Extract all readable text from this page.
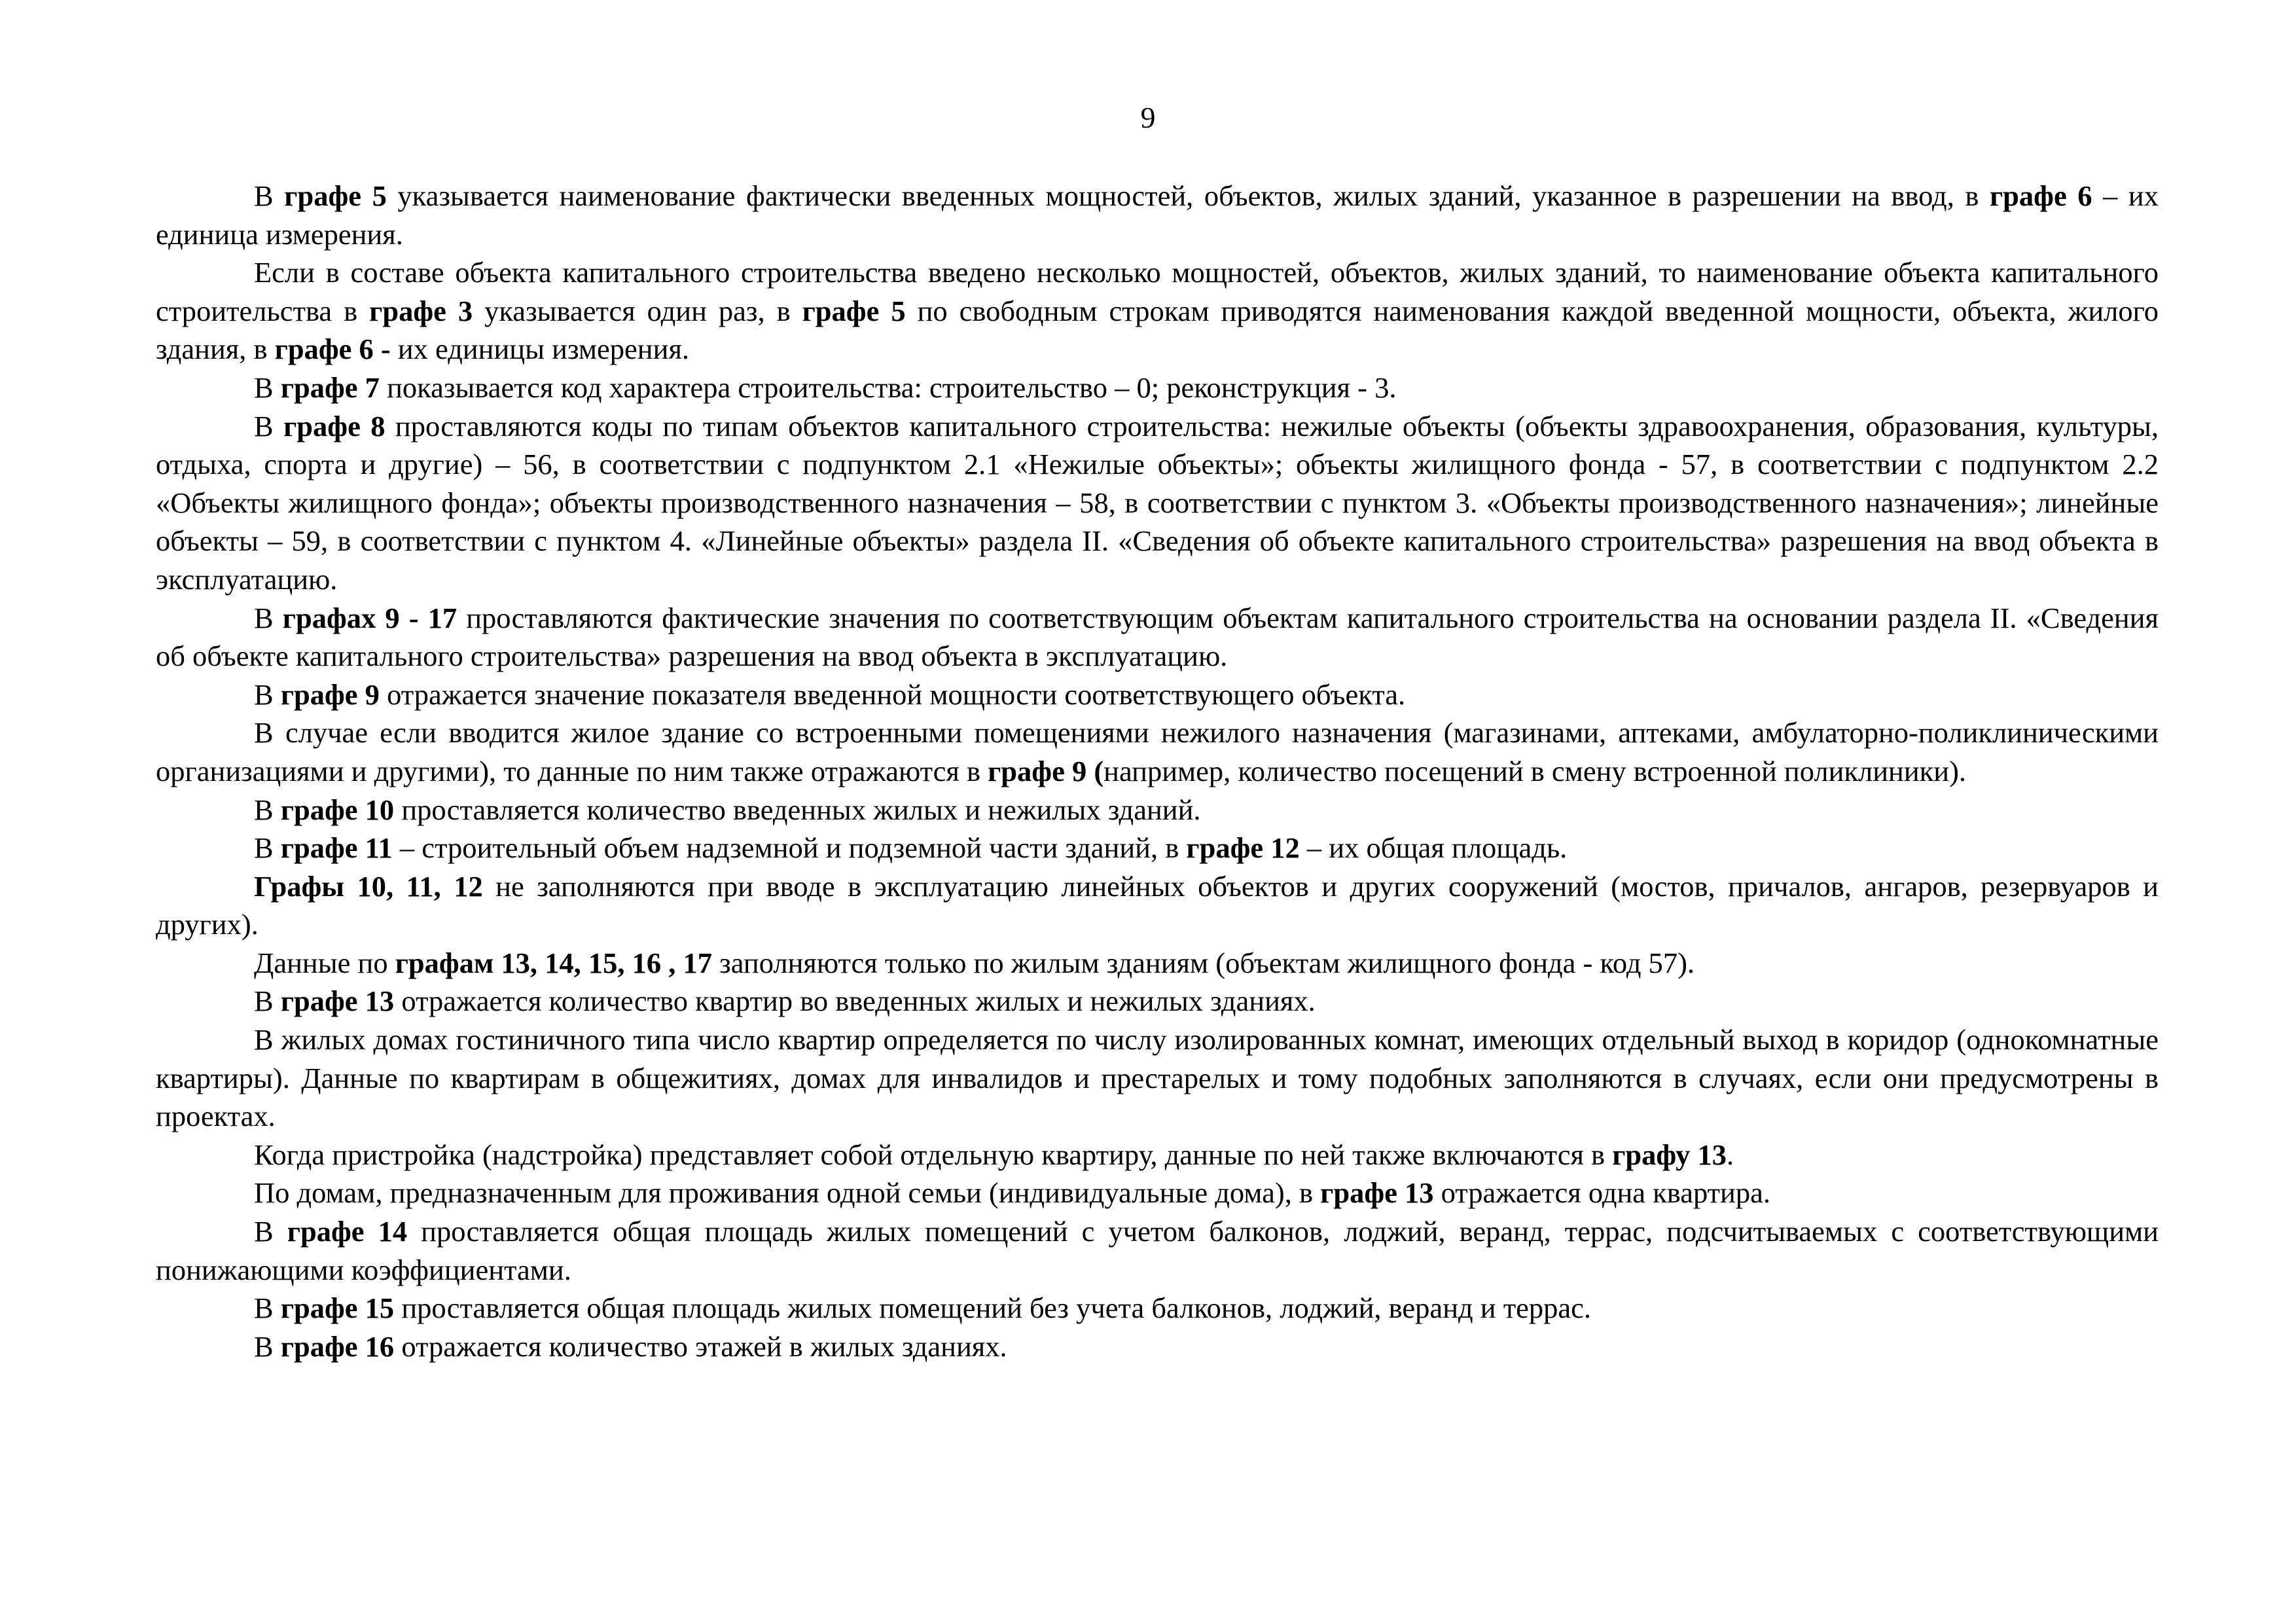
9

В графе 5 указывается наименование фактически введенных мощностей, объектов, жилых зданий, указанное в разрешении на ввод, в графе 6 – их единица измерения.

Если в составе объекта капитального строительства введено несколько мощностей, объектов, жилых зданий, то наименование объекта капитального строительства в графе 3 указывается один раз, в графе 5 по свободным строкам приводятся наименования каждой введенной мощности, объекта, жилого здания, в графе 6 - их единицы измерения.

В графе 7 показывается код характера строительства: строительство – 0; реконструкция - 3.

В графе 8 проставляются коды по типам объектов капитального строительства: нежилые объекты (объекты здравоохранения, образования, культуры, отдыха, спорта и другие) – 56, в соответствии с подпунктом 2.1 «Нежилые объекты»; объекты жилищного фонда - 57, в соответствии с подпунктом 2.2 «Объекты жилищного фонда»; объекты производственного назначения – 58, в соответствии с пунктом 3. «Объекты производственного назначения»; линейные объекты – 59, в соответствии с пунктом 4. «Линейные объекты» раздела II. «Сведения об объекте капитального строительства» разрешения на ввод объекта в эксплуатацию.

В графах 9 - 17 проставляются фактические значения по соответствующим объектам капитального строительства на основании раздела II. «Сведения об объекте капитального строительства» разрешения на ввод объекта в эксплуатацию.

В графе 9 отражается значение показателя введенной мощности соответствующего объекта.

В случае если вводится жилое здание со встроенными помещениями нежилого назначения (магазинами, аптеками, амбулаторно-поликлиническими организациями и другими), то данные по ним также отражаются в графе 9 (например, количество посещений в смену встроенной поликлиники).

В графе 10 проставляется количество введенных жилых и нежилых зданий.

В графе 11 – строительный объем надземной и подземной части зданий, в графе 12 – их общая площадь.

Графы 10, 11, 12 не заполняются при вводе в эксплуатацию линейных объектов и других сооружений (мостов, причалов, ангаров, резервуаров и других).

Данные по графам 13, 14, 15, 16 , 17 заполняются только по жилым зданиям (объектам жилищного фонда - код 57).

В графе 13 отражается количество квартир во введенных жилых и нежилых зданиях.

В жилых домах гостиничного типа число квартир определяется по числу изолированных комнат, имеющих отдельный выход в коридор (однокомнатные квартиры). Данные по квартирам в общежитиях, домах для инвалидов и престарелых и тому подобных заполняются в случаях, если они предусмотрены в проектах.

Когда пристройка (надстройка) представляет собой отдельную квартиру, данные по ней также включаются в графу 13.

По домам, предназначенным для проживания одной семьи (индивидуальные дома), в графе 13 отражается одна квартира.

В графе 14 проставляется общая площадь жилых помещений с учетом балконов, лоджий, веранд, террас, подсчитываемых с соответствующими понижающими коэффициентами.

В графе 15 проставляется общая площадь жилых помещений без учета балконов, лоджий, веранд и террас.

В графе 16 отражается количество этажей в жилых зданиях.
